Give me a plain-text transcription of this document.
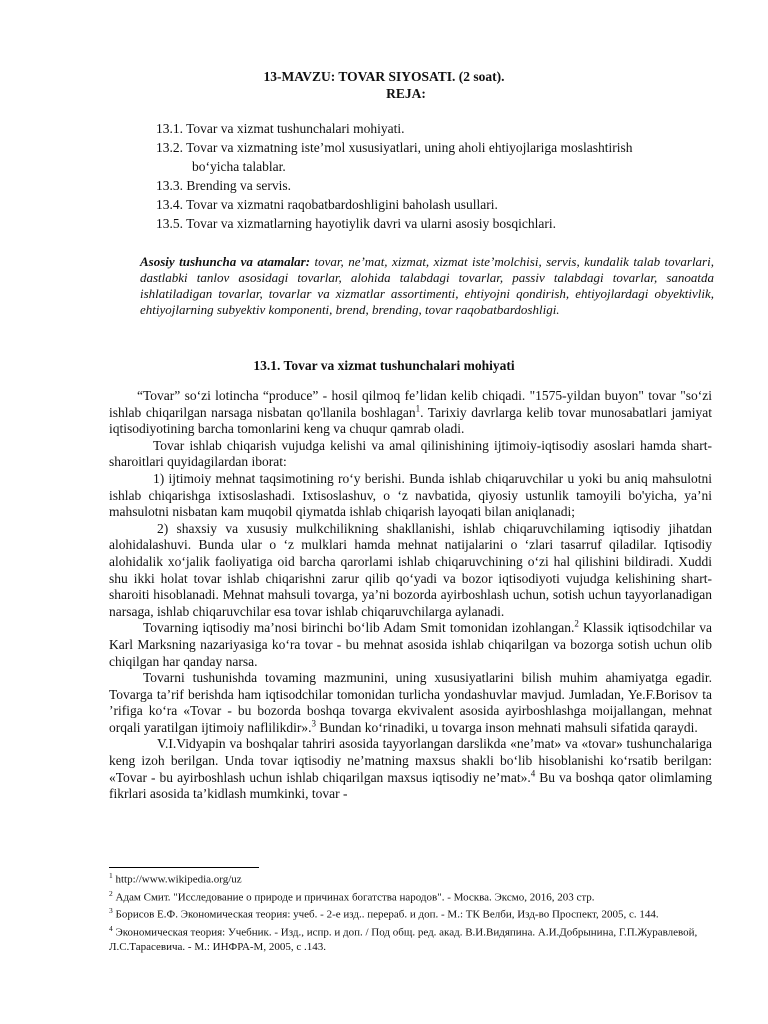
13-MAVZU: TOVAR SIYOSATI. (2 soat).
REJA:
13.1. Tovar va xizmat tushunchalari mohiyati.
13.2. Tovar va xizmatning iste’mol xususiyatlari, uning aholi ehtiyojlariga moslashtirish
bo‘yicha talablar.
13.3. Brending va servis.
13.4. Tovar va xizmatni raqobatbardoshligini baholash usullari.
13.5. Tovar va xizmatlarning hayotiylik davri va ularni asosiy bosqichlari.

Asosiy tushuncha va atamalar: tovar, ne’mat, xizmat, xizmat iste’molchisi, servis, kundalik talab tovarlari, dastlabki tanlov asosidagi tovarlar, alohida talabdagi tovarlar, passiv talabdagi tovarlar, sanoatda ishlatiladigan tovarlar, tovarlar va xizmatlar assortimenti, ehtiyojni qondirish, ehtiyojlardagi obyektivlik, ehtiyojlarning subyektiv komponenti, brend, brending, tovar raqobatbardoshligi.

13.1. Tovar va xizmat tushunchalari mohiyati

“Tovar” so‘zi lotincha “produce” - hosil qilmoq fe’lidan kelib chiqadi. "1575-yildan buyon" tovar "so‘zi ishlab chiqarilgan narsaga nisbatan qo'llanila boshlagan$^1$. Tarixiy davrlarga kelib tovar munosabatlari jamiyat iqtisodiyotining barcha tomonlarini keng va chuqur qamrab oladi.

Tovar ishlab chiqarish vujudga kelishi va amal qilinishining ijtimoiy-iqtisodiy asoslari hamda shart-sharoitlari quyidagilardan iborat:

1) ijtimoiy mehnat taqsimotining ro‘y berishi. Bunda ishlab chiqaruvchilar u yoki bu aniq mahsulotni ishlab chiqarishga ixtisoslashadi. Ixtisoslashuv, o ‘z navbatida, qiyosiy ustunlik tamoyili bo'yicha, ya’ni mahsulotni nisbatan kam muqobil qiymatda ishlab chiqarish layoqati bilan aniqlanadi;

2) shaxsiy va xususiy mulkchilikning shakllanishi, ishlab chiqaruvchilaming iqtisodiy jihatdan alohidalashuvi. Bunda ular o ‘z mulklari hamda mehnat natijalarini o ‘zlari tasarruf qiladilar. Iqtisodiy alohidalik xo‘jalik faoliyatiga oid barcha qarorlami ishlab chiqaruvchining o‘zi hal qilishini bildiradi. Xuddi shu ikki holat tovar ishlab chiqarishni zarur qilib qo‘yadi va bozor iqtisodiyoti vujudga kelishining shart-sharoiti hisoblanadi. Mehnat mahsuli tovarga, ya’ni bozorda ayirboshlash uchun, sotish uchun tayyorlanadigan narsaga, ishlab chiqaruvchilar esa tovar ishlab chiqaruvchilarga aylanadi.

Tovarning iqtisodiy ma’nosi birinchi bo‘lib Adam Smit tomonidan izohlangan.$^2$ Klassik iqtisodchilar va Karl Marksning nazariyasiga ko‘ra tovar - bu mehnat asosida ishlab chiqarilgan va bozorga sotish uchun olib chiqilgan har qanday narsa.

Tovarni tushunishda tovaming mazmunini, uning xususiyatlarini bilish muhim ahamiyatga egadir. Tovarga ta’rif berishda ham iqtisodchilar tomonidan turlicha yondashuvlar mavjud. Jumladan, Ye.F.Borisov ta ’rifiga ko‘ra «Tovar - bu bozorda boshqa tovarga ekvivalent asosida ayirboshlashga moijallangan, mehnat orqali yaratilgan ijtimoiy naflilikdir».$^3$ Bundan ko‘rinadiki, u tovarga inson mehnati mahsuli sifatida qaraydi.

V.I.Vidyapin va boshqalar tahriri asosida tayyorlangan darslikda «ne’mat» va «tovar» tushunchalariga keng izoh berilgan. Unda tovar iqtisodiy ne’matning maxsus shakli bo‘lib hisoblanishi ko‘rsatib berilgan: «Tovar - bu ayirboshlash uchun ishlab chiqarilgan maxsus iqtisodiy ne’mat».$^4$ Bu va boshqa qator olimlaming fikrlari asosida ta’kidlash mumkinki, tovar -

$^1$ http://www.wikipedia.org/uz

$^2$ Адам Смит. "Исследование о природе и причинах богатства народов". - Москва. Эксмо, 2016, 203 стр.

$^3$ Борисов Е.Ф. Экономическая теория: учеб. - 2-е изд.. перераб. и доп. - М.: ТК Велби, Изд-во Проспект, 2005, с. 144.

$^4$ Экономическая теория: Учебник. - Изд., испр. и доп. / Под общ. ред. акад. В.И.Видяпина. А.И.Добрынина, Г.П.Журавлевой, Л.С.Тарасевича. - М.: ИНФРА-М, 2005, с .143.
